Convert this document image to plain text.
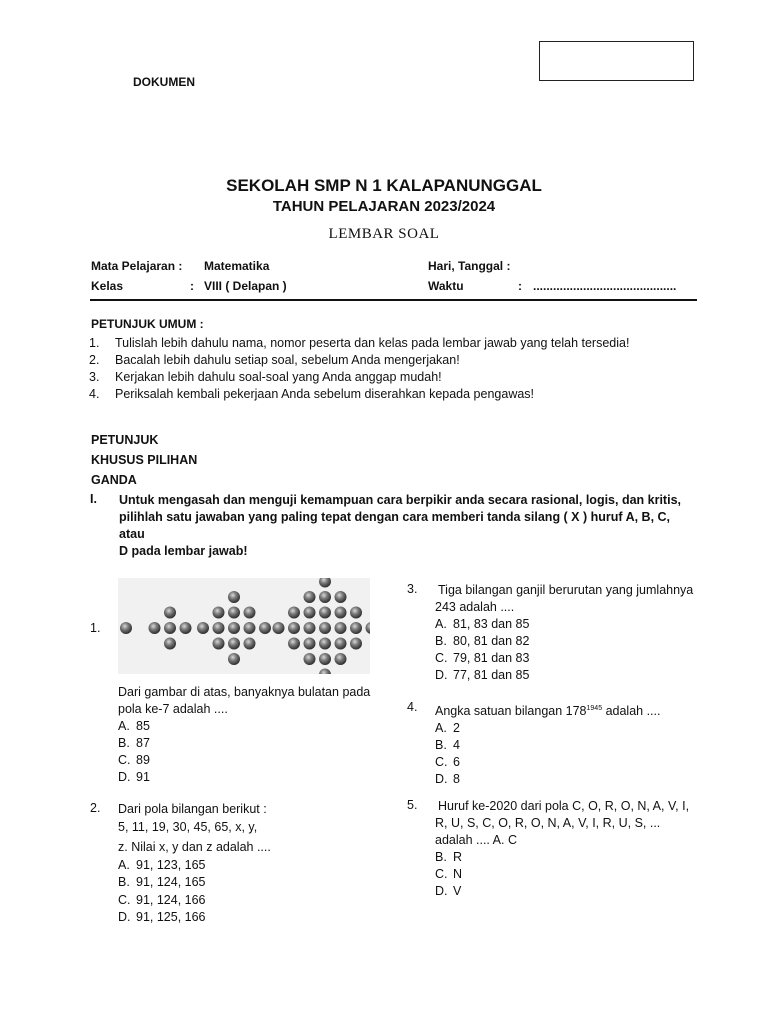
DOKUMEN
SEKOLAH SMP N 1 KALAPANUNGGAL
TAHUN PELAJARAN 2023/2024
LEMBAR SOAL
Mata Pelajaran : Matematika
Kelas	: VIII ( Delapan )
Hari, Tanggal :
Waktu	: ...........................................
PETUNJUK UMUM :
1. Tulislah lebih dahulu nama, nomor peserta dan kelas pada lembar jawab yang telah tersedia!
2. Bacalah lebih dahulu setiap soal, sebelum Anda mengerjakan!
3. Kerjakan lebih dahulu soal-soal yang Anda anggap mudah!
4. Periksalah kembali pekerjaan Anda sebelum diserahkan kepada pengawas!
PETUNJUK
KHUSUS PILIHAN
GANDA
I. Untuk mengasah dan menguji kemampuan cara berpikir anda secara rasional, logis, dan kritis,
pilihlah satu jawaban yang paling tepat dengan cara memberi tanda silang ( X ) huruf A, B, C,
atau
D pada lembar jawab!
1.
Dari gambar di atas, banyaknya bulatan pada
pola ke-7 adalah ....
A. 85
B. 87
C. 89
D. 91
2. Dari pola bilangan berikut :
5, 11, 19, 30, 45, 65, x, y,
z. Nilai x, y dan z adalah ....
A. 91, 123, 165
B. 91, 124, 165
C. 91, 124, 166
D. 91, 125, 166
3. Tiga bilangan ganjil berurutan yang jumlahnya
243 adalah ....
A. 81, 83 dan 85
B. 80, 81 dan 82
C. 79, 81 dan 83
D. 77, 81 dan 85
4. Angka satuan bilangan $178^{1945}$ adalah ....
A. 2
B. 4
C. 6
D. 8
5. Huruf ke-2020 dari pola C, O, R, O, N, A, V, I,
R, U, S, C, O, R, O, N, A, V, I, R, U, S, ...
adalah .... A. C
B. R
C. N
D. V
